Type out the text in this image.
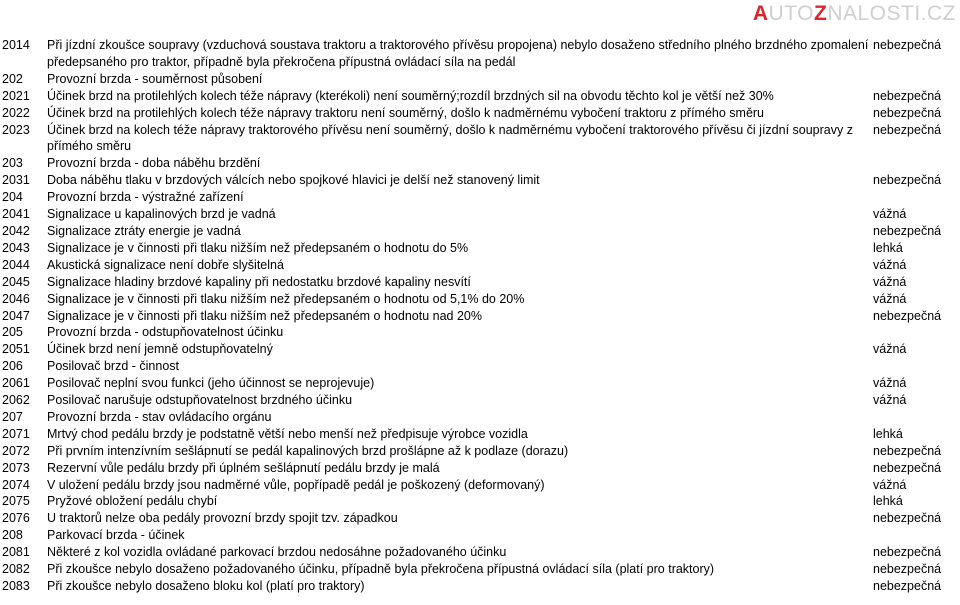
AUTOZNALOSTI.CZ
2014	Při jízdní zkoušce soupravy (vzduchová soustava traktoru a traktorového přívěsu propojena) nebylo dosaženo středního plného brzdného zpomalení předepsaného pro traktor, případně byla překročena přípustná ovládací síla na pedál	nebezpečná
202	Provozní brzda - souměrnost působení	
2021	Účinek brzd na protilehlých kolech téže nápravy (kterékoli) není souměrný;rozdíl brzdných sil na obvodu těchto kol je větší než 30%	nebezpečná
2022	Účinek brzd na protilehlých kolech téže nápravy traktoru není souměrný, došlo k nadměrnému vybočení traktoru z přímého směru	nebezpečná
2023	Účinek brzd na kolech téže nápravy traktorového přívěsu není souměrný, došlo k nadměrnému vybočení traktorového přívěsu či jízdní soupravy z přímého směru	nebezpečná
203	Provozní brzda - doba náběhu brzdění	
2031	Doba náběhu tlaku v brzdových válcích nebo spojkové hlavici je delší než stanovený limit	nebezpečná
204	Provozní brzda - výstražné zařízení	
2041	Signalizace u kapalinových brzd je vadná	vážná
2042	Signalizace ztráty energie je vadná	nebezpečná
2043	Signalizace je v činnosti při tlaku nižším než předepsaném o hodnotu do 5%	lehká
2044	Akustická signalizace není dobře slyšitelná	vážná
2045	Signalizace hladiny brzdové kapaliny při nedostatku brzdové kapaliny nesvítí	vážná
2046	Signalizace je v činnosti při tlaku nižším než předepsaném o hodnotu od 5,1% do 20%	vážná
2047	Signalizace je v činnosti při tlaku nižším než předepsaném o hodnotu nad 20%	nebezpečná
205	Provozní brzda - odstupňovatelnost účinku	
2051	Účinek brzd není jemně odstupňovatelný	vážná
206	Posilovač brzd - činnost	
2061	Posilovač neplní svou funkci (jeho účinnost se neprojevuje)	vážná
2062	Posilovač narušuje odstupňovatelnost brzdného účinku	vážná
207	Provozní brzda - stav ovládacího orgánu	
2071	Mrtvý chod pedálu brzdy je podstatně větší nebo menší než předpisuje výrobce vozidla	lehká
2072	Při prvním intenzívním sešlápnutí se pedál kapalinových brzd prošlápne až k podlaze (dorazu)	nebezpečná
2073	Rezervní vůle pedálu brzdy při úplném sešlápnutí pedálu brzdy je malá	nebezpečná
2074	V uložení pedálu brzdy jsou nadměrné vůle, popřípadě pedál je poškozený (deformovaný)	vážná
2075	Pryžové obložení pedálu chybí	lehká
2076	U traktorů nelze oba pedály provozní brzdy spojit tzv. západkou	nebezpečná
208	Parkovací brzda - účinek	
2081	Některé z kol vozidla ovládané parkovací brzdou nedosáhne požadovaného účinku	nebezpečná
2082	Při zkoušce nebylo dosaženo požadovaného účinku, případně byla překročena přípustná ovládací síla (platí pro traktory)	nebezpečná
2083	Při zkoušce nebylo dosaženo bloku kol (platí pro traktory)	nebezpečná
